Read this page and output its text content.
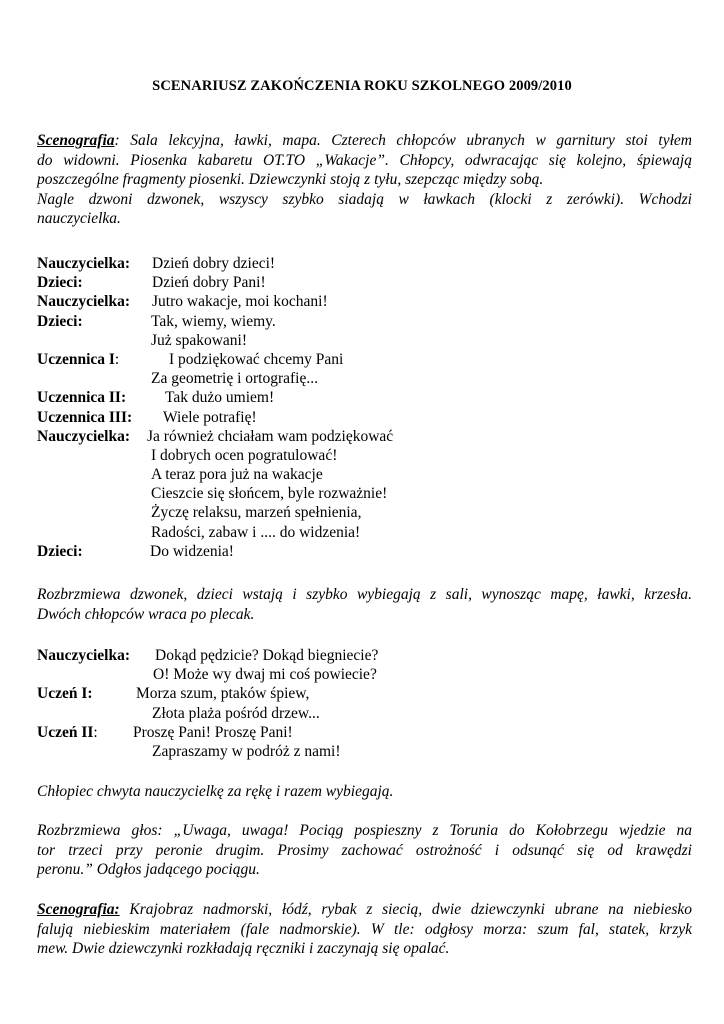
SCENARIUSZ ZAKOŃCZENIA ROKU SZKOLNEGO 2009/2010
Scenografia: Sala lekcyjna, ławki, mapa. Czterech chłopców ubranych w garnitury stoi tyłem
do widowni. Piosenka kabaretu OT.TO „Wakacje”. Chłopcy, odwracając się kolejno, śpiewają
poszczególne fragmenty piosenki. Dziewczynki stoją z tyłu, szepcząc między sobą.
Nagle dzwoni dzwonek, wszyscy szybko siadają w ławkach (klocki z zerówki). Wchodzi
nauczycielka.
Nauczycielka: Dzień dobry dzieci!
Dzieci:	Dzień dobry Pani!
Nauczycielka: Jutro wakacje, moi kochani!
Dzieci:	Tak, wiemy, wiemy.
Już spakowani!
Uczennica I:	I podziękować chcemy Pani
Za geometrię i ortografię...
Uczennica II:	Tak dużo umiem!
Uczennica III: Wiele potrafię!
Nauczycielka: Ja również chciałam wam podziękować
I dobrych ocen pogratulować!
A teraz pora już na wakacje
Cieszcie się słońcem, byle rozważnie!
Życzę relaksu, marzeń spełnienia,
Radości, zabaw i .... do widzenia!
Dzieci:	Do widzenia!
Rozbrzmiewa dzwonek, dzieci wstają i szybko wybiegają z sali, wynosząc mapę, ławki, krzesła.
Dwóch chłopców wraca po plecak.
Nauczycielka: Dokąd pędzicie? Dokąd biegniecie?
O! Może wy dwaj mi coś powiecie?
Uczeń I:	Morza szum, ptaków śpiew,
Złota plaża pośród drzew...
Uczeń II: Proszę Pani! Proszę Pani!
Zapraszamy w podróż z nami!
Chłopiec chwyta nauczycielkę za rękę i razem wybiegają.
Rozbrzmiewa głos: „Uwaga, uwaga! Pociąg pospieszny z Torunia do Kołobrzegu wjedzie na
tor trzeci przy peronie drugim. Prosimy zachować ostrożność i odsunąć się od krawędzi
peronu.” Odgłos jadącego pociągu.
Scenografia: Krajobraz nadmorski, łódź, rybak z siecią, dwie dziewczynki ubrane na niebiesko
falują niebieskim materiałem (fale nadmorskie). W tle: odgłosy morza: szum fal, statek, krzyk
mew. Dwie dziewczynki rozkładają ręczniki i zaczynają się opalać.
